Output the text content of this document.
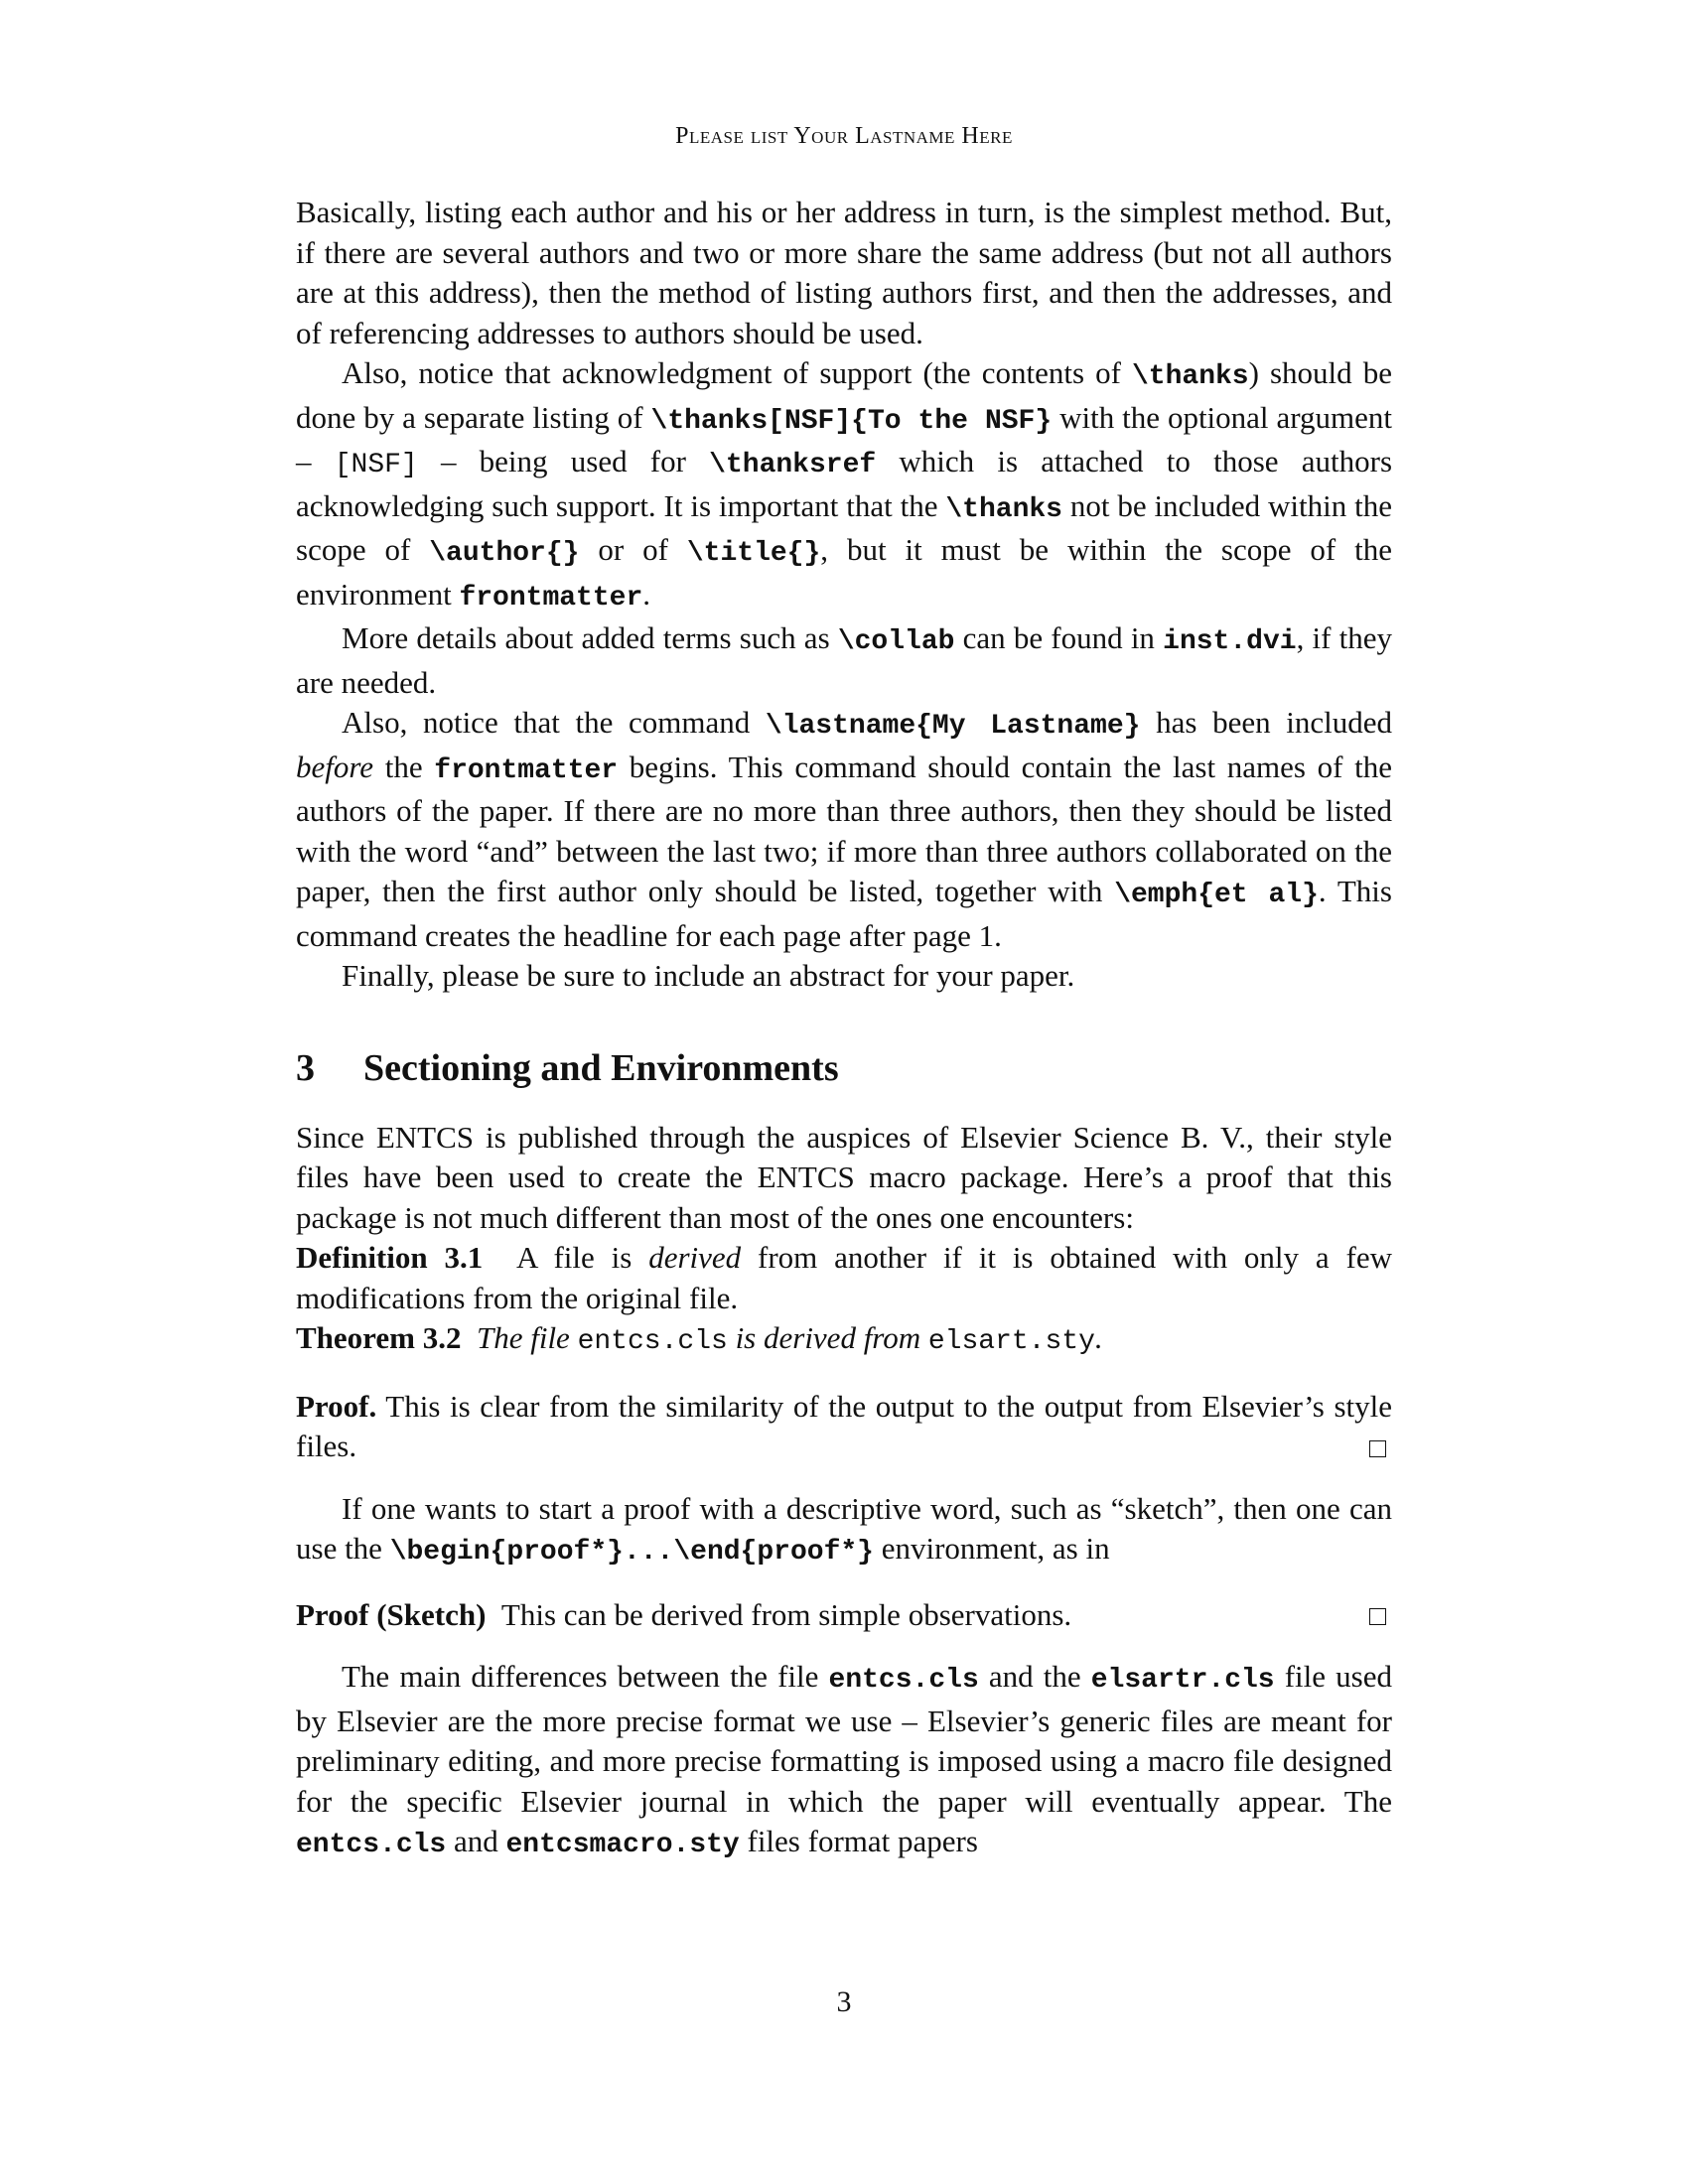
Please list Your Lastname Here

Basically, listing each author and his or her address in turn, is the simplest method. But, if there are several authors and two or more share the same address (but not all authors are at this address), then the method of listing authors first, and then the addresses, and of referencing addresses to authors should be used.

Also, notice that acknowledgment of support (the contents of \thanks) should be done by a separate listing of \thanks[NSF]{To the NSF} with the optional argument – [NSF] – being used for \thanksref which is attached to those authors acknowledging such support. It is important that the \thanks not be included within the scope of \author{} or of \title{}, but it must be within the scope of the environment frontmatter.

More details about added terms such as \collab can be found in inst.dvi, if they are needed.

Also, notice that the command \lastname{My Lastname} has been included before the frontmatter begins. This command should contain the last names of the authors of the paper. If there are no more than three authors, then they should be listed with the word “and” between the last two; if more than three authors collaborated on the paper, then the first author only should be listed, together with \emph{et al}. This command creates the headline for each page after page 1.

Finally, please be sure to include an abstract for your paper.

3 Sectioning and Environments

Since ENTCS is published through the auspices of Elsevier Science B. V., their style files have been used to create the ENTCS macro package. Here’s a proof that this package is not much different than most of the ones one encounters:

Definition 3.1 A file is derived from another if it is obtained with only a few modifications from the original file.

Theorem 3.2 The file entcs.cls is derived from elsart.sty.

Proof. This is clear from the similarity of the output to the output from Elsevier’s style files.

If one wants to start a proof with a descriptive word, such as “sketch”, then one can use the \begin{proof*}...\end{proof*} environment, as in

Proof (Sketch) This can be derived from simple observations.

The main differences between the file entcs.cls and the elsartr.cls file used by Elsevier are the more precise format we use – Elsevier’s generic files are meant for preliminary editing, and more precise formatting is imposed using a macro file designed for the specific Elsevier journal in which the paper will eventually appear. The entcs.cls and entcsmacro.sty files format papers

3
